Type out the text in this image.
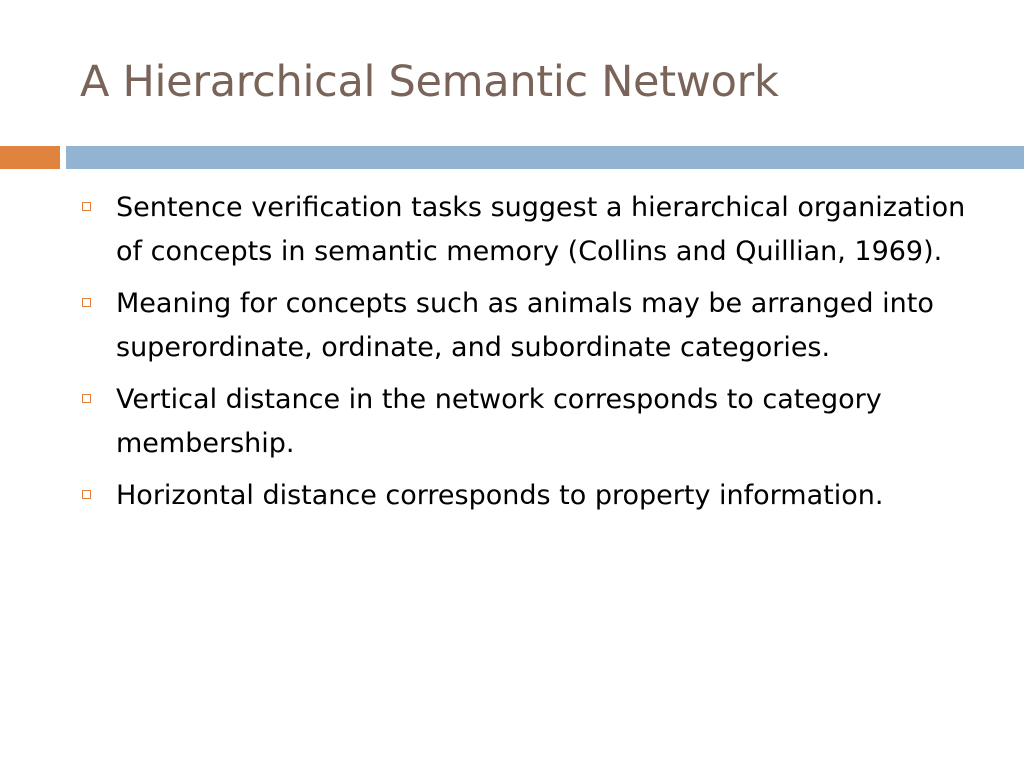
A Hierarchical Semantic Network
Sentence verification tasks suggest a hierarchical organization of concepts in semantic memory (Collins and Quillian, 1969).
Meaning for concepts such as animals may be arranged into superordinate, ordinate, and subordinate categories.
Vertical distance in the network corresponds to category membership.
Horizontal distance corresponds to property information.
